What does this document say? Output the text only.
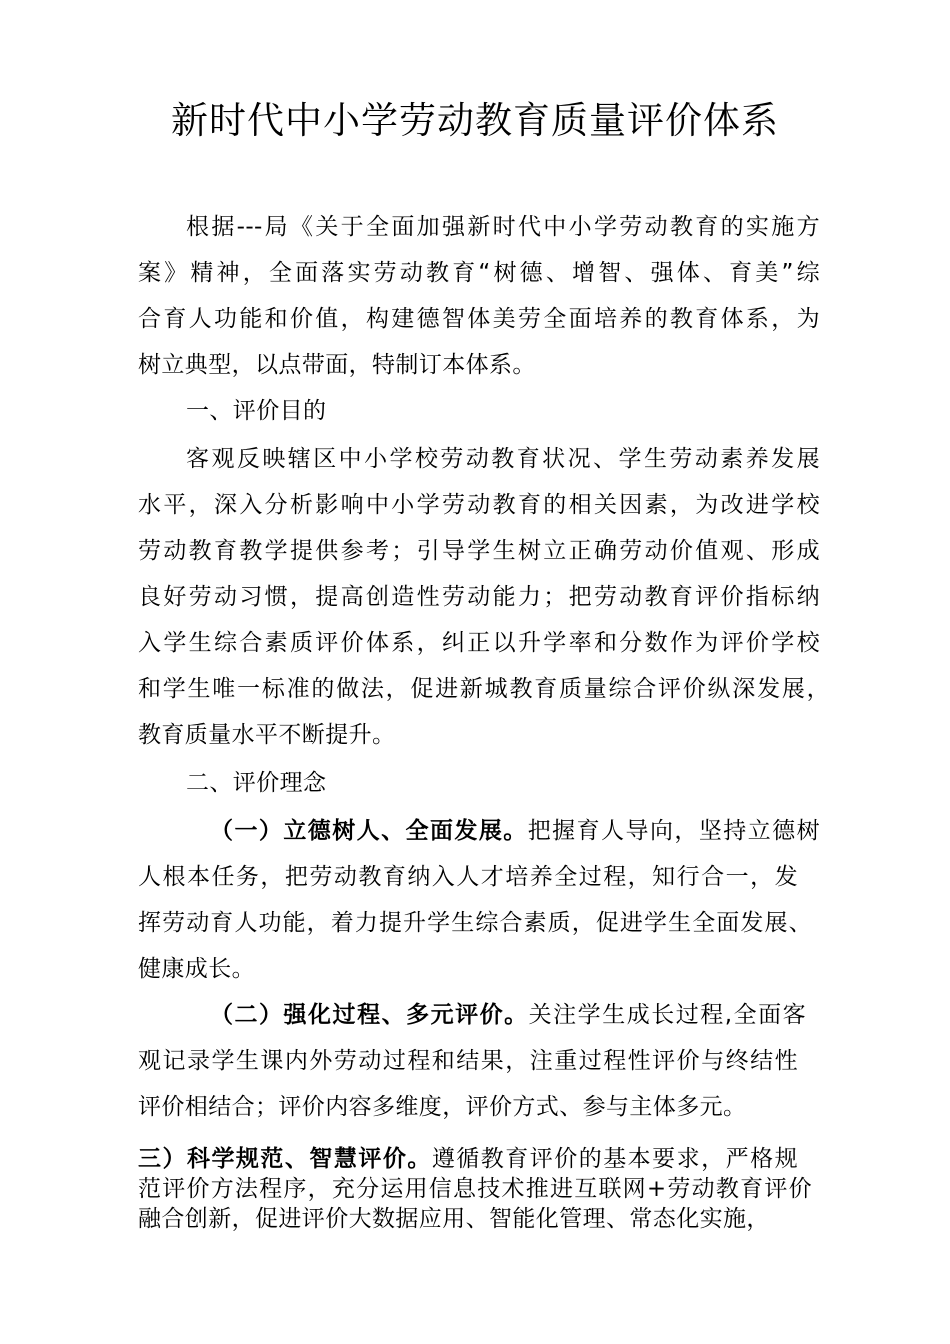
新时代中小学劳动教育质量评价体系
根据---局《关于全面加强新时代中小学劳动教育的实施方
案》精神，全面落实劳动教育“树德、增智、强体、育美”综
合育人功能和价值，构建德智体美劳全面培养的教育体系，为
树立典型，以点带面，特制订本体系。
一、评价目的
客观反映辖区中小学校劳动教育状况、学生劳动素养发展
水平，深入分析影响中小学劳动教育的相关因素，为改进学校
劳动教育教学提供参考；引导学生树立正确劳动价值观、形成
良好劳动习惯，提高创造性劳动能力；把劳动教育评价指标纳
入学生综合素质评价体系，纠正以升学率和分数作为评价学校
和学生唯一标准的做法，促进新城教育质量综合评价纵深发展，
教育质量水平不断提升。
二、评价理念
（一）立德树人、全面发展。把握育人导向，坚持立德树
人根本任务，把劳动教育纳入人才培养全过程，知行合一，发
挥劳动育人功能，着力提升学生综合素质，促进学生全面发展、
健康成长。
（二）强化过程、多元评价。关注学生成长过程,全面客
观记录学生课内外劳动过程和结果，注重过程性评价与终结性
评价相结合；评价内容多维度，评价方式、参与主体多元。
三）科学规范、智慧评价。遵循教育评价的基本要求，严格规
范评价方法程序，充分运用信息技术推进互联网+劳动教育评价
融合创新，促进评价大数据应用、智能化管理、常态化实施，
